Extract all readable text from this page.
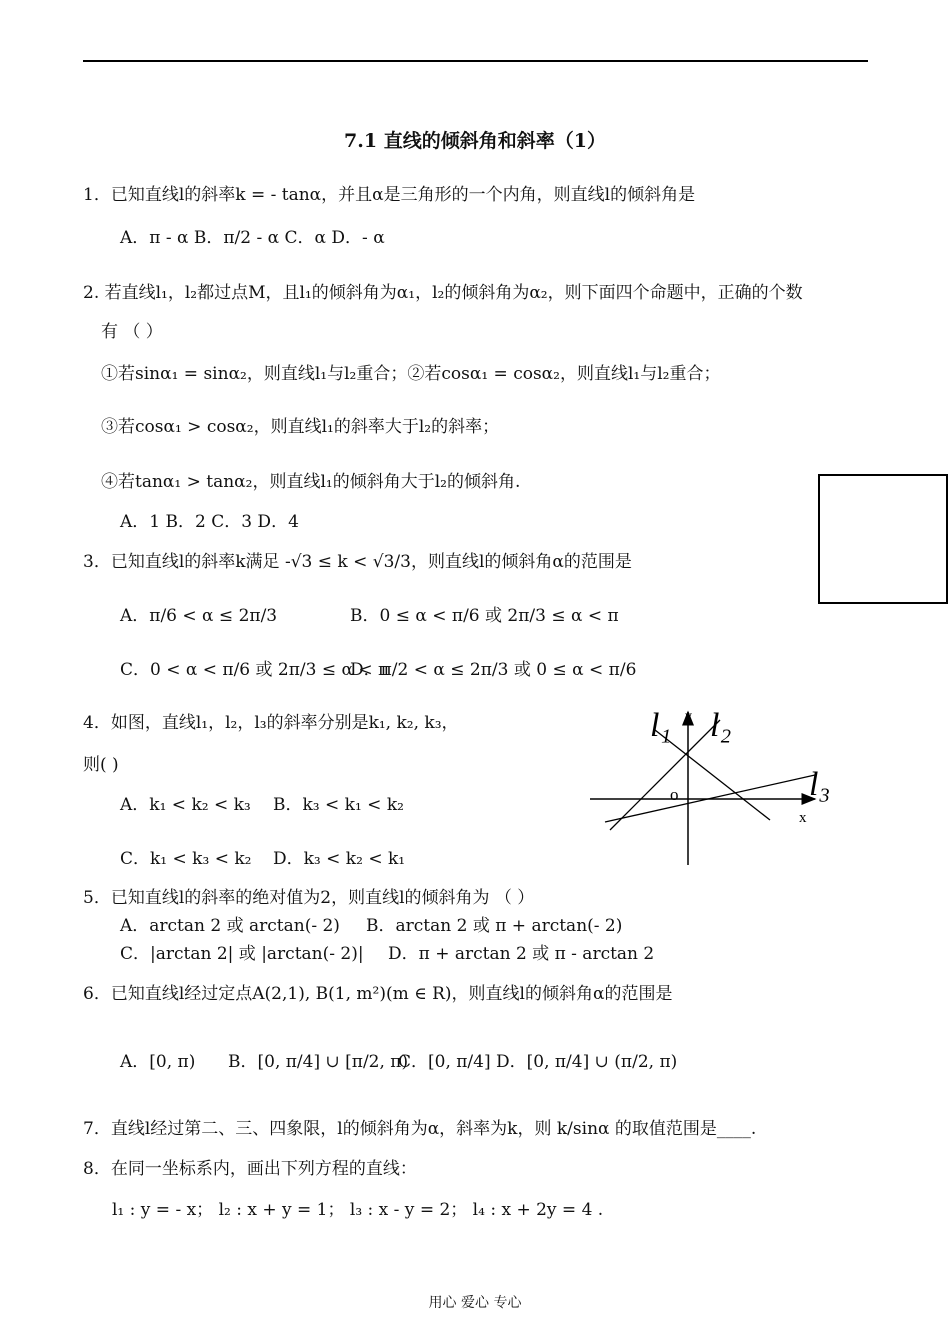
7.1 直线的倾斜角和斜率（1）
1．已知直线l的斜率k = - tanα，并且α是三角形的一个内角，则直线l的倾斜角是
A．π - α B．π/2 - α C．α D．- α
2. 若直线l₁，l₂都过点M，且l₁的倾斜角为α₁，l₂的倾斜角为α₂，则下面四个命题中，正确的个数
有 （ ）
①若sinα₁ = sinα₂，则直线l₁与l₂重合；②若cosα₁ = cosα₂，则直线l₁与l₂重合；
③若cosα₁ > cosα₂，则直线l₁的斜率大于l₂的斜率；
④若tanα₁ > tanα₂，则直线l₁的倾斜角大于l₂的倾斜角.
A．1 B．2 C．3 D．4
3．已知直线l的斜率k满足 -√3 ≤ k < √3/3，则直线l的倾斜角α的范围是
A．π/6 < α ≤ 2π/3	B．0 ≤ α < π/6 或 2π/3 ≤ α < π
C．0 < α < π/6 或 2π/3 ≤ α < π
D．π/2 < α ≤ 2π/3 或 0 ≤ α < π/6
4．如图，直线l₁，l₂，l₃的斜率分别是k₁, k₂, k₃，
则( )
A．k₁ < k₂ < k₃ B．k₃ < k₁ < k₂
C．k₁ < k₃ < k₂ D．k₃ < k₂ < k₁
l₁ l₂
l₃
y
x
o
5．已知直线l的斜率的绝对值为2，则直线l的倾斜角为 （ ）
A．arctan 2 或 arctan(- 2) B．arctan 2 或 π + arctan(- 2)
C．|arctan 2| 或 |arctan(- 2)| D．π + arctan 2 或 π - arctan 2
6．已知直线l经过定点A(2,1), B(1, m²)(m ∈ R)，则直线l的倾斜角α的范围是
A．[0, π) B．[0, π/4] ∪ [π/2, π)
C．[0, π/4] D．[0, π/4] ∪ (π/2, π)
7．直线l经过第二、三、四象限，l的倾斜角为α，斜率为k，则 k/sinα 的取值范围是____.
8．在同一坐标系内，画出下列方程的直线：
l₁ : y = - x； l₂ : x + y = 1； l₃ : x - y = 2； l₄ : x + 2y = 4 .
用心 爱心 专心
